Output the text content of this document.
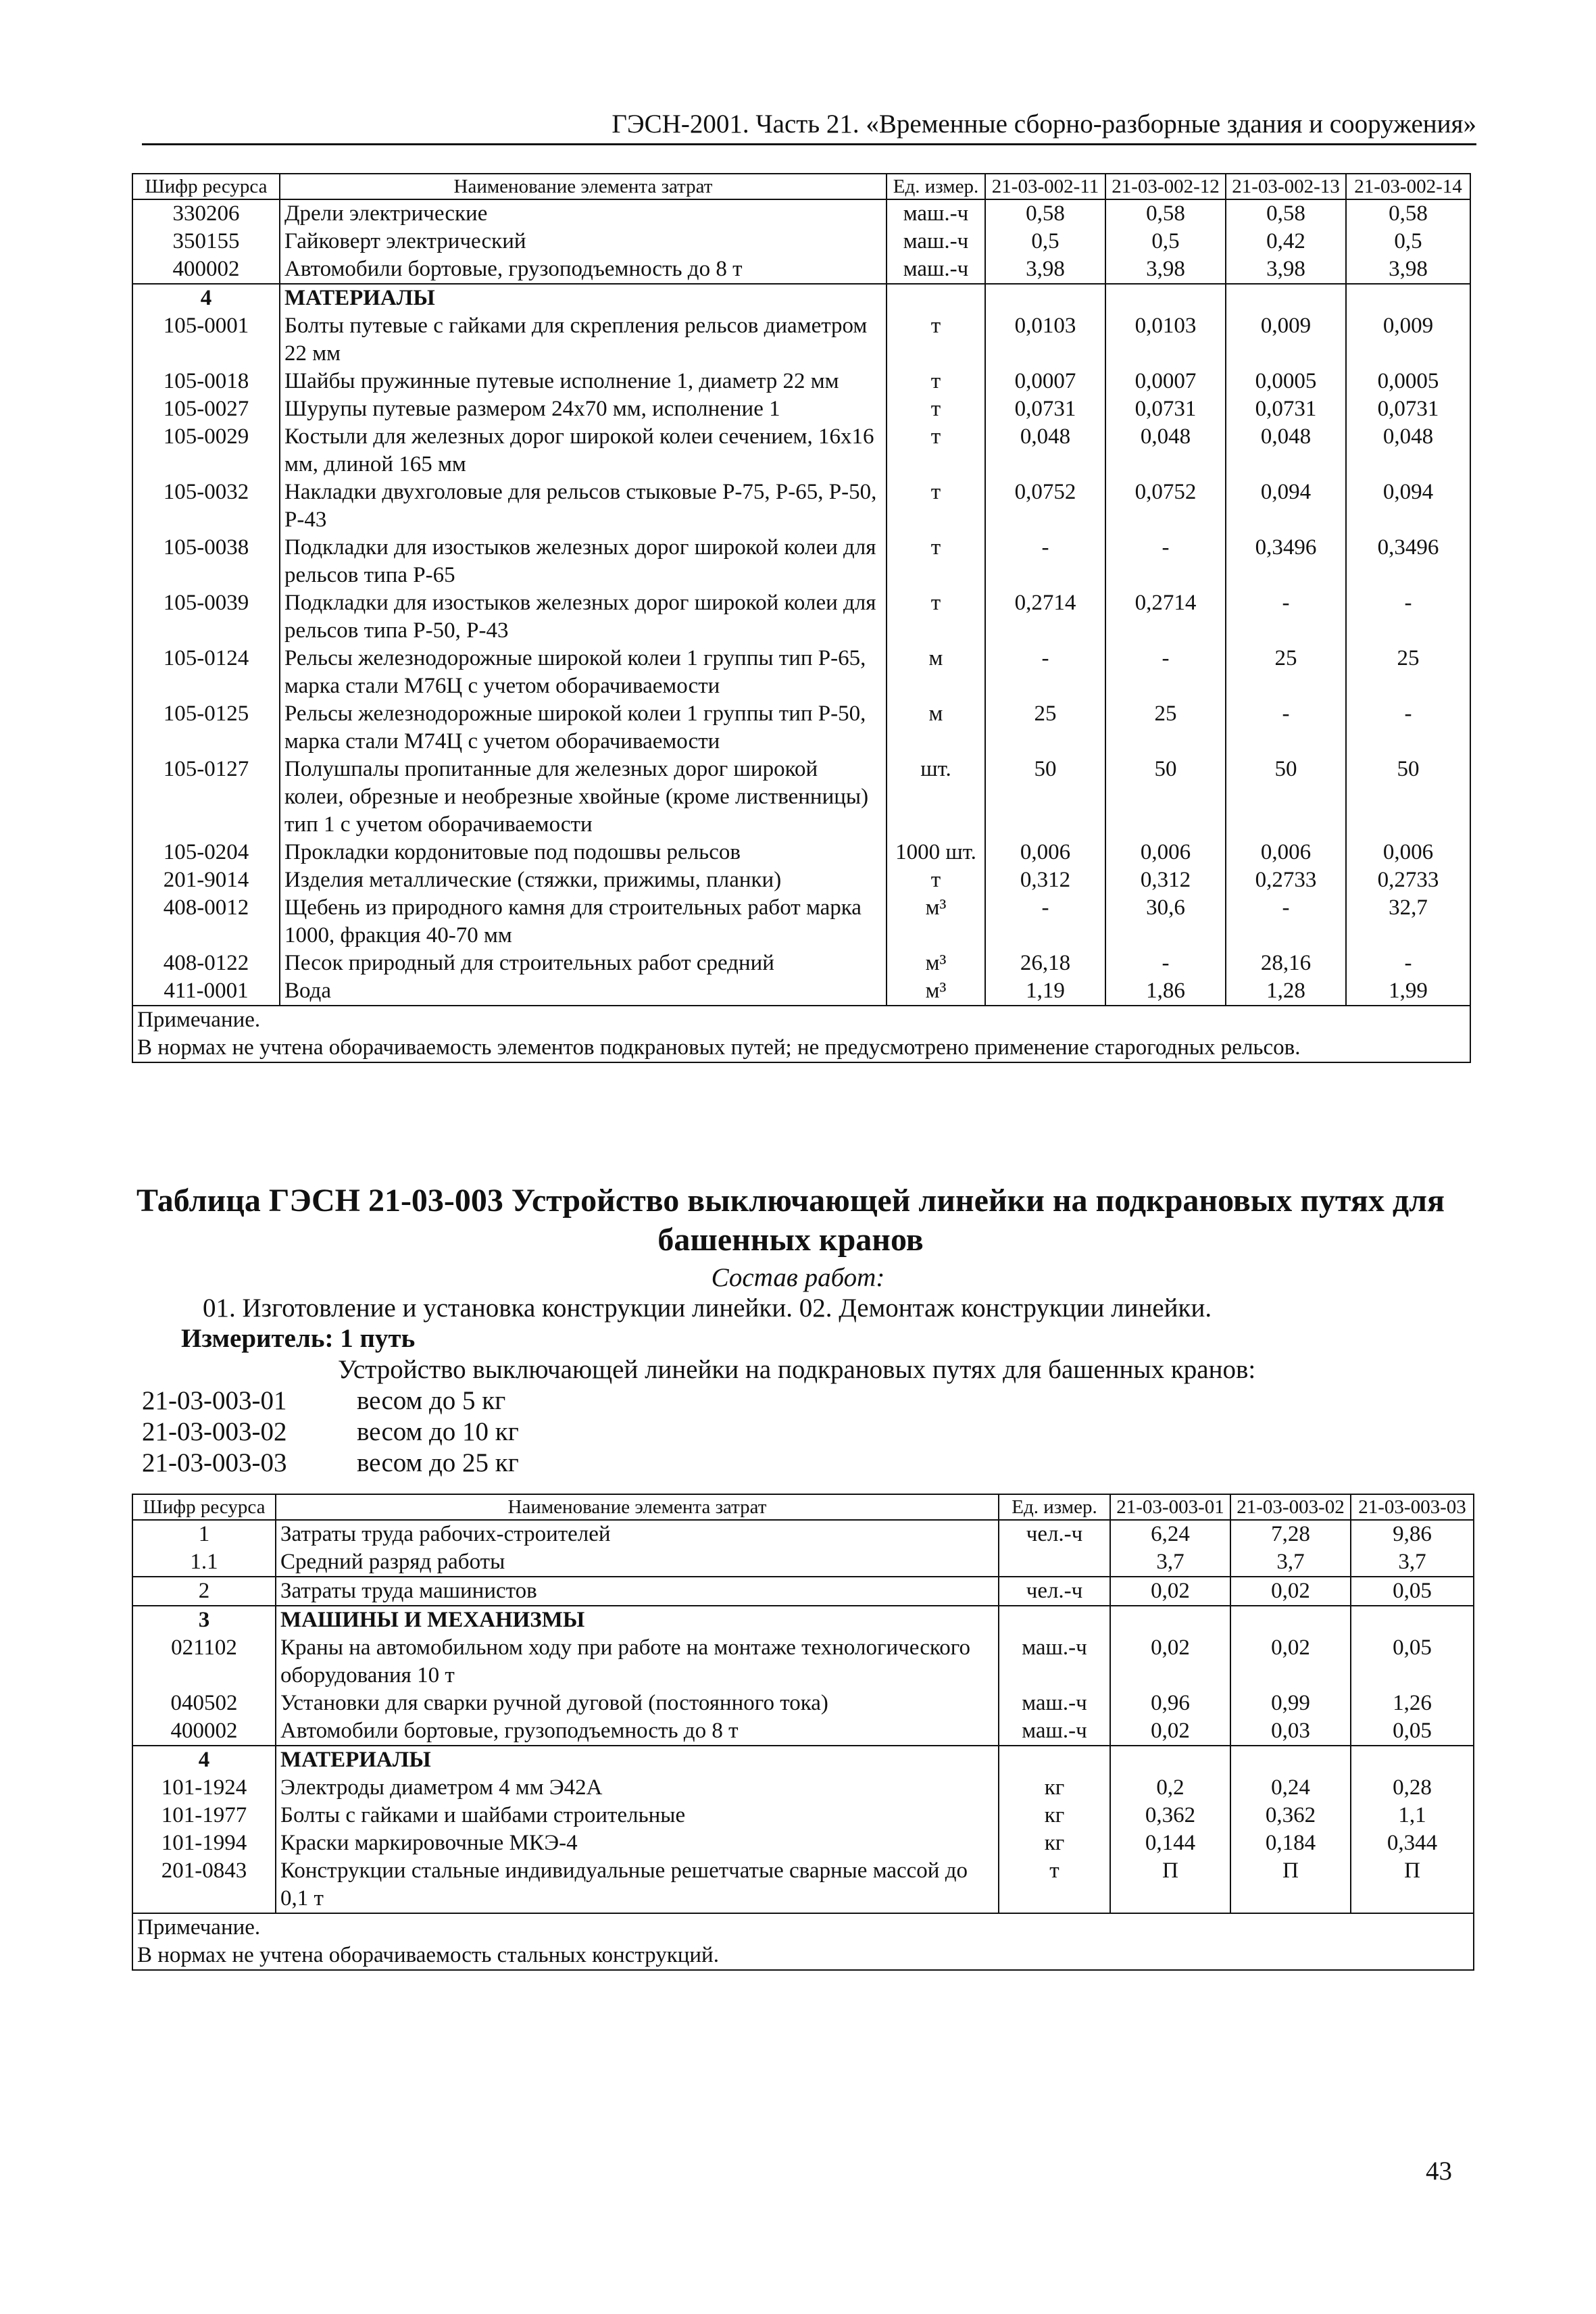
ГЭСН-2001. Часть 21. «Временные сборно-разборные здания и сооружения»
Шифр ресурса	Наименование элемента затрат	Ед. измер.	21-03-002-11	21-03-002-12	21-03-002-13	21-03-002-14
330206	Дрели электрические	маш.-ч	0,58	0,58	0,58	0,58
350155	Гайковерт электрический	маш.-ч	0,5	0,5	0,42	0,5
400002	Автомобили бортовые, грузоподъемность до 8 т	маш.-ч	3,98	3,98	3,98	3,98
4	МАТЕРИАЛЫ					
105-0001	Болты путевые с гайками для скрепления рельсов диаметром 22 мм	т	0,0103	0,0103	0,009	0,009
105-0018	Шайбы пружинные путевые исполнение 1, диаметр 22 мм	т	0,0007	0,0007	0,0005	0,0005
105-0027	Шурупы путевые размером 24х70 мм, исполнение 1	т	0,0731	0,0731	0,0731	0,0731
105-0029	Костыли для железных дорог широкой колеи сечением, 16х16 мм, длиной 165 мм	т	0,048	0,048	0,048	0,048
105-0032	Накладки двухголовые для рельсов стыковые Р-75, Р-65, Р-50, Р-43	т	0,0752	0,0752	0,094	0,094
105-0038	Подкладки для изостыков железных дорог широкой колеи для рельсов типа Р-65	т	-	-	0,3496	0,3496
105-0039	Подкладки для изостыков железных дорог широкой колеи для рельсов типа Р-50, Р-43	т	0,2714	0,2714	-	-
105-0124	Рельсы железнодорожные широкой колеи 1 группы тип Р-65, марка стали М76Ц с учетом оборачиваемости	м	-	-	25	25
105-0125	Рельсы железнодорожные широкой колеи 1 группы тип Р-50, марка стали М74Ц с учетом оборачиваемости	м	25	25	-	-
105-0127	Полушпалы пропитанные для железных дорог широкой колеи, обрезные и необрезные хвойные (кроме лиственницы) тип 1 с учетом оборачиваемости	шт.	50	50	50	50
105-0204	Прокладки кордонитовые под подошвы рельсов	1000 шт.	0,006	0,006	0,006	0,006
201-9014	Изделия металлические (стяжки, прижимы, планки)	т	0,312	0,312	0,2733	0,2733
408-0012	Щебень из природного камня для строительных работ марка 1000, фракция 40-70 мм	м³	-	30,6	-	32,7
408-0122	Песок природный для строительных работ средний	м³	26,18	-	28,16	-
411-0001	Вода	м³	1,19	1,86	1,28	1,99
Примечание.						
В нормах не учтена оборачиваемость элементов подкрановых путей; не предусмотрено применение старогодных рельсов.						
Таблица ГЭСН 21-03-003 Устройство выключающей линейки на подкрановых путях для башенных кранов
Состав работ:
01. Изготовление и установка конструкции линейки. 02. Демонтаж конструкции линейки.
Измеритель: 1 путь
Устройство выключающей линейки на подкрановых путях для башенных кранов:
21-03-003-01	весом до 5 кг
21-03-003-02	весом до 10 кг
21-03-003-03	весом до 25 кг
Шифр ресурса	Наименование элемента затрат	Ед. измер.	21-03-003-01	21-03-003-02	21-03-003-03
1	Затраты труда рабочих-строителей	чел.-ч	6,24	7,28	9,86
1.1	Средний разряд работы		3,7	3,7	3,7
2	Затраты труда машинистов	чел.-ч	0,02	0,02	0,05
3	МАШИНЫ И МЕХАНИЗМЫ				
021102	Краны на автомобильном ходу при работе на монтаже технологического оборудования 10 т	маш.-ч	0,02	0,02	0,05
040502	Установки для сварки ручной дуговой (постоянного тока)	маш.-ч	0,96	0,99	1,26
400002	Автомобили бортовые, грузоподъемность до 8 т	маш.-ч	0,02	0,03	0,05
4	МАТЕРИАЛЫ				
101-1924	Электроды диаметром 4 мм Э42А	кг	0,2	0,24	0,28
101-1977	Болты с гайками и шайбами строительные	кг	0,362	0,362	1,1
101-1994	Краски маркировочные МКЭ-4	кг	0,144	0,184	0,344
201-0843	Конструкции стальные индивидуальные решетчатые сварные массой до 0,1 т	т	П	П	П
Примечание.					
В нормах не учтена оборачиваемость стальных конструкций.					
43
